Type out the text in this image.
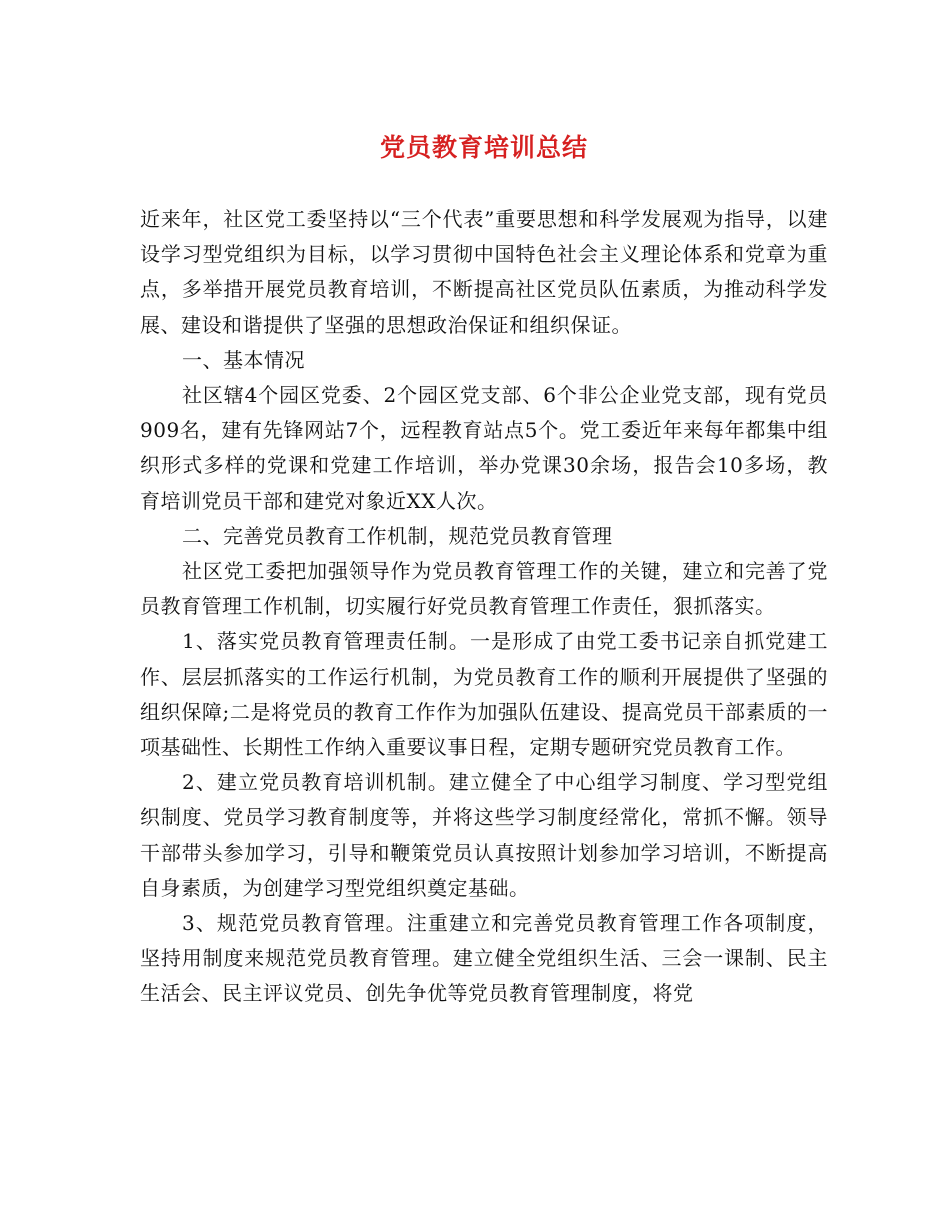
党员教育培训总结

近来年，社区党工委坚持以“三个代表”重要思想和科学发展观为指导，以建设学习型党组织为目标，以学习贯彻中国特色社会主义理论体系和党章为重点，多举措开展党员教育培训，不断提高社区党员队伍素质，为推动科学发展、建设和谐提供了坚强的思想政治保证和组织保证。

一、基本情况

社区辖4个园区党委、2个园区党支部、6个非公企业党支部，现有党员909名，建有先锋网站7个，远程教育站点5个。党工委近年来每年都集中组织形式多样的党课和党建工作培训，举办党课30余场，报告会10多场，教育培训党员干部和建党对象近XX人次。

二、完善党员教育工作机制，规范党员教育管理

社区党工委把加强领导作为党员教育管理工作的关键，建立和完善了党员教育管理工作机制，切实履行好党员教育管理工作责任，狠抓落实。

1、落实党员教育管理责任制。一是形成了由党工委书记亲自抓党建工作、层层抓落实的工作运行机制，为党员教育工作的顺利开展提供了坚强的组织保障;二是将党员的教育工作作为加强队伍建设、提高党员干部素质的一项基础性、长期性工作纳入重要议事日程，定期专题研究党员教育工作。

2、建立党员教育培训机制。建立健全了中心组学习制度、学习型党组织制度、党员学习教育制度等，并将这些学习制度经常化，常抓不懈。领导干部带头参加学习，引导和鞭策党员认真按照计划参加学习培训，不断提高自身素质，为创建学习型党组织奠定基础。

3、规范党员教育管理。注重建立和完善党员教育管理工作各项制度，坚持用制度来规范党员教育管理。建立健全党组织生活、三会一课制、民主生活会、民主评议党员、创先争优等党员教育管理制度，将党
